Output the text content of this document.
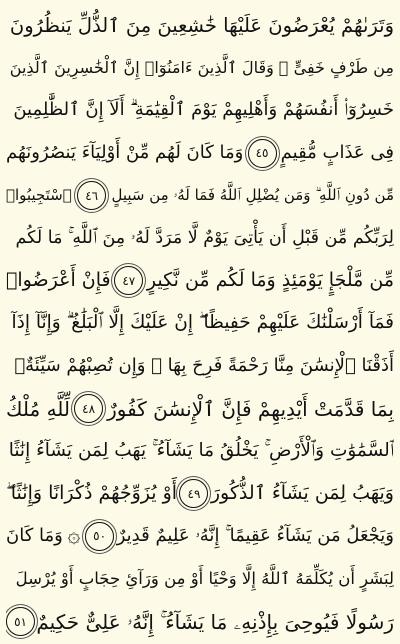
وَتَرَىٰهُمْ يُعْرَضُونَ عَلَيْهَا خَٰشِعِينَ مِنَ ٱلذُّلِّ يَنظُرُونَ
مِن طَرْفٍ خَفِىٍّ ۗ وَقَالَ ٱلَّذِينَ ءَامَنُوٓا۟ إِنَّ ٱلْخَٰسِرِينَ ٱلَّذِينَ
خَسِرُوٓا۟ أَنفُسَهُمْ وَأَهْلِيهِمْ يَوْمَ ٱلْقِيَٰمَةِ ۗ أَلَآ إِنَّ ٱلظَّٰلِمِينَ
فِى عَذَابٍ مُّقِيمٍ
٤٥
وَمَا كَانَ لَهُم مِّنْ أَوْلِيَآءَ يَنصُرُونَهُم
مِّن دُونِ ٱللَّهِ ۗ وَمَن يُضْلِلِ ٱللَّهُ فَمَا لَهُۥ مِن سَبِيلٍ
٤٦
ٱسْتَجِيبُوا۟
لِرَبِّكُم مِّن قَبْلِ أَن يَأْتِىَ يَوْمٌ لَّا مَرَدَّ لَهُۥ مِنَ ٱللَّهِ ۚ مَا لَكُم
مِّن مَّلْجَإٍ يَوْمَئِذٍ وَمَا لَكُم مِّن نَّكِيرٍ
٤٧
فَإِنْ أَعْرَضُوا۟
فَمَآ أَرْسَلْنَٰكَ عَلَيْهِمْ حَفِيظًا ۖ إِنْ عَلَيْكَ إِلَّا ٱلْبَلَٰغُ ۗ وَإِنَّآ إِذَآ
أَذَقْنَا ٱلْإِنسَٰنَ مِنَّا رَحْمَةً فَرِحَ بِهَا ۖ وَإِن تُصِبْهُمْ سَيِّئَةٌۢ
بِمَا قَدَّمَتْ أَيْدِيهِمْ فَإِنَّ ٱلْإِنسَٰنَ كَفُورٌ
٤٨
لِّلَّهِ مُلْكُ
ٱلسَّمَٰوَٰتِ وَٱلْأَرْضِ ۚ يَخْلُقُ مَا يَشَآءُ ۚ يَهَبُ لِمَن يَشَآءُ إِنَٰثًا
وَيَهَبُ لِمَن يَشَآءُ ٱلذُّكُورَ
٤٩
أَوْ يُزَوِّجُهُمْ ذُكْرَانًا وَإِنَٰثًا ۖ
وَيَجْعَلُ مَن يَشَآءُ عَقِيمًا ۚ إِنَّهُۥ عَلِيمٌ قَدِيرٌ
٥٠
۞
وَمَا كَانَ
لِبَشَرٍ أَن يُكَلِّمَهُ ٱللَّهُ إِلَّا وَحْيًا أَوْ مِن وَرَآئِ حِجَابٍ أَوْ يُرْسِلَ
رَسُولًا فَيُوحِىَ بِإِذْنِهِۦ مَا يَشَآءُ ۚ إِنَّهُۥ عَلِىٌّ حَكِيمٌ
٥١
